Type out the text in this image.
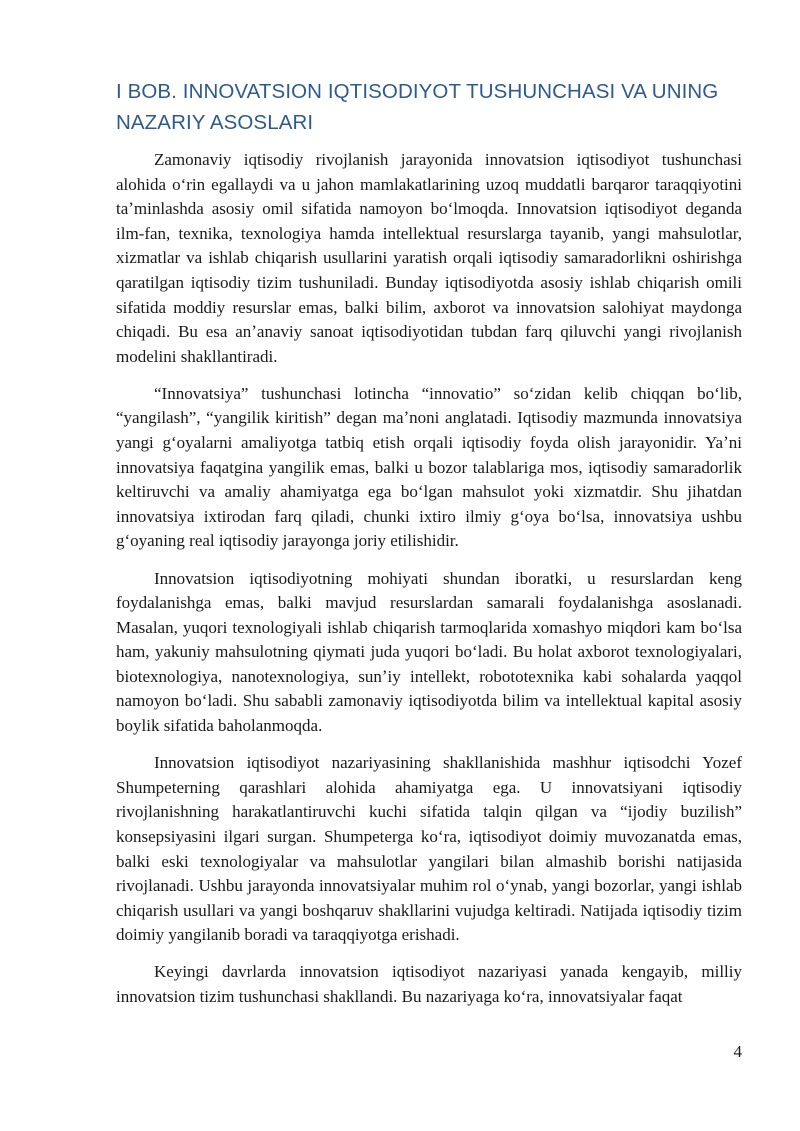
I BOB. INNOVATSION IQTISODIYOT TUSHUNCHASI VA UNING NAZARIY ASOSLARI

Zamonaviy iqtisodiy rivojlanish jarayonida innovatsion iqtisodiyot tushunchasi alohida oʻrin egallaydi va u jahon mamlakatlarining uzoq muddatli barqaror taraqqiyotini taʼminlashda asosiy omil sifatida namoyon boʻlmoqda. Innovatsion iqtisodiyot deganda ilm-fan, texnika, texnologiya hamda intellektual resurslarga tayanib, yangi mahsulotlar, xizmatlar va ishlab chiqarish usullarini yaratish orqali iqtisodiy samaradorlikni oshirishga qaratilgan iqtisodiy tizim tushuniladi. Bunday iqtisodiyotda asosiy ishlab chiqarish omili sifatida moddiy resurslar emas, balki bilim, axborot va innovatsion salohiyat maydonga chiqadi. Bu esa anʼanaviy sanoat iqtisodiyotidan tubdan farq qiluvchi yangi rivojlanish modelini shakllantiradi.

“Innovatsiya” tushunchasi lotincha “innovatio” soʻzidan kelib chiqqan boʻlib, “yangilash”, “yangilik kiritish” degan maʼnoni anglatadi. Iqtisodiy mazmunda innovatsiya yangi gʻoyalarni amaliyotga tatbiq etish orqali iqtisodiy foyda olish jarayonidir. Yaʼni innovatsiya faqatgina yangilik emas, balki u bozor talablariga mos, iqtisodiy samaradorlik keltiruvchi va amaliy ahamiyatga ega boʻlgan mahsulot yoki xizmatdir. Shu jihatdan innovatsiya ixtirodan farq qiladi, chunki ixtiro ilmiy gʻoya boʻlsa, innovatsiya ushbu gʻoyaning real iqtisodiy jarayonga joriy etilishidir.

Innovatsion iqtisodiyotning mohiyati shundan iboratki, u resurslardan keng foydalanishga emas, balki mavjud resurslardan samarali foydalanishga asoslanadi. Masalan, yuqori texnologiyali ishlab chiqarish tarmoqlarida xomashyo miqdori kam boʻlsa ham, yakuniy mahsulotning qiymati juda yuqori boʻladi. Bu holat axborot texnologiyalari, biotexnologiya, nanotexnologiya, sunʼiy intellekt, robototexnika kabi sohalarda yaqqol namoyon boʻladi. Shu sababli zamonaviy iqtisodiyotda bilim va intellektual kapital asosiy boylik sifatida baholanmoqda.

Innovatsion iqtisodiyot nazariyasining shakllanishida mashhur iqtisodchi Yozef Shumpeterning qarashlari alohida ahamiyatga ega. U innovatsiyani iqtisodiy rivojlanishning harakatlantiruvchi kuchi sifatida talqin qilgan va “ijodiy buzilish” konsepsiyasini ilgari surgan. Shumpeterga koʻra, iqtisodiyot doimiy muvozanatda emas, balki eski texnologiyalar va mahsulotlar yangilari bilan almashib borishi natijasida rivojlanadi. Ushbu jarayonda innovatsiyalar muhim rol oʻynab, yangi bozorlar, yangi ishlab chiqarish usullari va yangi boshqaruv shakllarini vujudga keltiradi. Natijada iqtisodiy tizim doimiy yangilanib boradi va taraqqiyotga erishadi.

Keyingi davrlarda innovatsion iqtisodiyot nazariyasi yanada kengayib, milliy innovatsion tizim tushunchasi shakllandi. Bu nazariyaga koʻra, innovatsiyalar faqat

4
